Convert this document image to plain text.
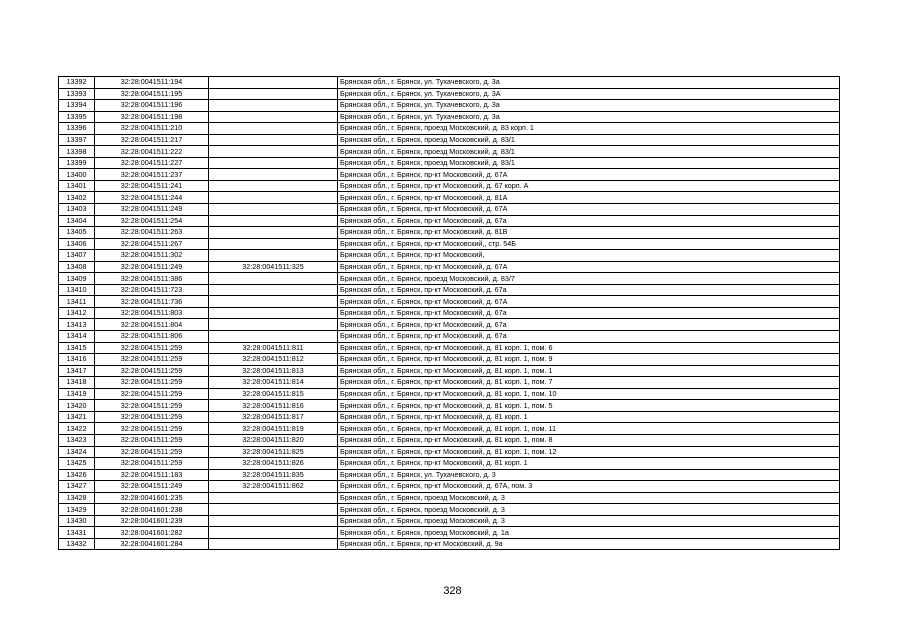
13392	32:28:0041511:194		Брянская обл., г. Брянск, ул. Тухачевского, д. 3а
13393	32:28:0041511:195		Брянская обл., г. Брянск, ул. Тухачевского, д. 3А
13394	32:28:0041511:196		Брянская обл., г. Брянск, ул. Тухачевского, д. 3а
13395	32:28:0041511:198		Брянская обл., г. Брянск, ул. Тухачевского, д. 3а
13396	32:28:0041511:210		Брянская обл., г. Брянск, проезд Московский, д. 83 корп. 1
13397	32:28:0041511:217		Брянская обл., г. Брянск, проезд Московский, д. 83/1
13398	32:28:0041511:222		Брянская обл., г. Брянск, проезд Московский, д. 83/1
13399	32:28:0041511:227		Брянская обл., г. Брянск, проезд Московский, д. 83/1
13400	32:28:0041511:237		Брянская обл., г. Брянск, пр-кт Московский, д. 67А
13401	32:28:0041511:241		Брянская обл., г. Брянск, пр-кт Московский, д. 67 корп. А
13402	32:28:0041511:244		Брянская обл., г. Брянск, пр-кт Московский, д. 81А
13403	32:28:0041511:249		Брянская обл., г. Брянск, пр-кт Московский, д. 67А
13404	32:28:0041511:254		Брянская обл., г. Брянск, пр-кт Московский, д. 67а
13405	32:28:0041511:263		Брянская обл., г. Брянск, пр-кт Московский, д. 81В
13406	32:28:0041511:267		Брянская обл., г. Брянск, пр-кт Московский,, стр. 54Б
13407	32:28:0041511:302		Брянская обл., г. Брянск, пр-кт Московский,
13408	32:28:0041511:249	32:28:0041511:325	Брянская обл., г. Брянск, пр-кт Московский, д. 67А
13409	32:28:0041511:386		Брянская обл., г. Брянск, проезд Московский, д. 83/7
13410	32:28:0041511:723		Брянская обл., г. Брянск, пр-кт Московский, д. 67а
13411	32:28:0041511:736		Брянская обл., г. Брянск, пр-кт Московский, д. 67А
13412	32:28:0041511:803		Брянская обл., г. Брянск, пр-кт Московский, д. 67а
13413	32:28:0041511:804		Брянская обл., г. Брянск, пр-кт Московский, д. 67а
13414	32:28:0041511:806		Брянская обл., г. Брянск, пр-кт Московский, д. 67а
13415	32:28:0041511:259	32:28:0041511:811	Брянская обл., г. Брянск, пр-кт Московский, д. 81 корп. 1, пом. 6
13416	32:28:0041511:259	32:28:0041511:812	Брянская обл., г. Брянск, пр-кт Московский, д. 81 корп. 1, пом. 9
13417	32:28:0041511:259	32:28:0041511:813	Брянская обл., г. Брянск, пр-кт Московский, д. 81 корп. 1, пом. 1
13418	32:28:0041511:259	32:28:0041511:814	Брянская обл., г. Брянск, пр-кт Московский, д. 81 корп. 1, пом. 7
13419	32:28:0041511:259	32:28:0041511:815	Брянская обл., г. Брянск, пр-кт Московский, д. 81 корп. 1, пом. 10
13420	32:28:0041511:259	32:28:0041511:816	Брянская обл., г. Брянск, пр-кт Московский, д. 81 корп. 1, пом. 5
13421	32:28:0041511:259	32:28:0041511:817	Брянская обл., г. Брянск, пр-кт Московский, д. 81 корп. 1
13422	32:28:0041511:259	32:28:0041511:819	Брянская обл., г. Брянск, пр-кт Московский, д. 81 корп. 1, пом. 11
13423	32:28:0041511:259	32:28:0041511:820	Брянская обл., г. Брянск, пр-кт Московский, д. 81 корп. 1, пом. 8
13424	32:28:0041511:259	32:28:0041511:825	Брянская обл., г. Брянск, пр-кт Московский, д. 81 корп. 1, пом. 12
13425	32:28:0041511:259	32:28:0041511:826	Брянская обл., г. Брянск, пр-кт Московский, д. 81 корп. 1
13426	32:28:0041511:183	32:28:0041511:835	Брянская обл., г. Брянск, ул. Тухачевского, д. 3
13427	32:28:0041511:249	32:28:0041511:862	Брянская обл., г. Брянск, пр-кт Московский, д. 67А, пом. 3
13428	32:28:0041601:235		Брянская обл., г. Брянск, проезд Московский, д. 3
13429	32:28:0041601:238		Брянская обл., г. Брянск, проезд Московский, д. 3
13430	32:28:0041601:239		Брянская обл., г. Брянск, проезд Московский, д. 3
13431	32:28:0041601:282		Брянская обл., г. Брянск, проезд Московский, д. 1а
13432	32:28:0041601:284		Брянская обл., г. Брянск, пр-кт Московский, д. 9а
328
